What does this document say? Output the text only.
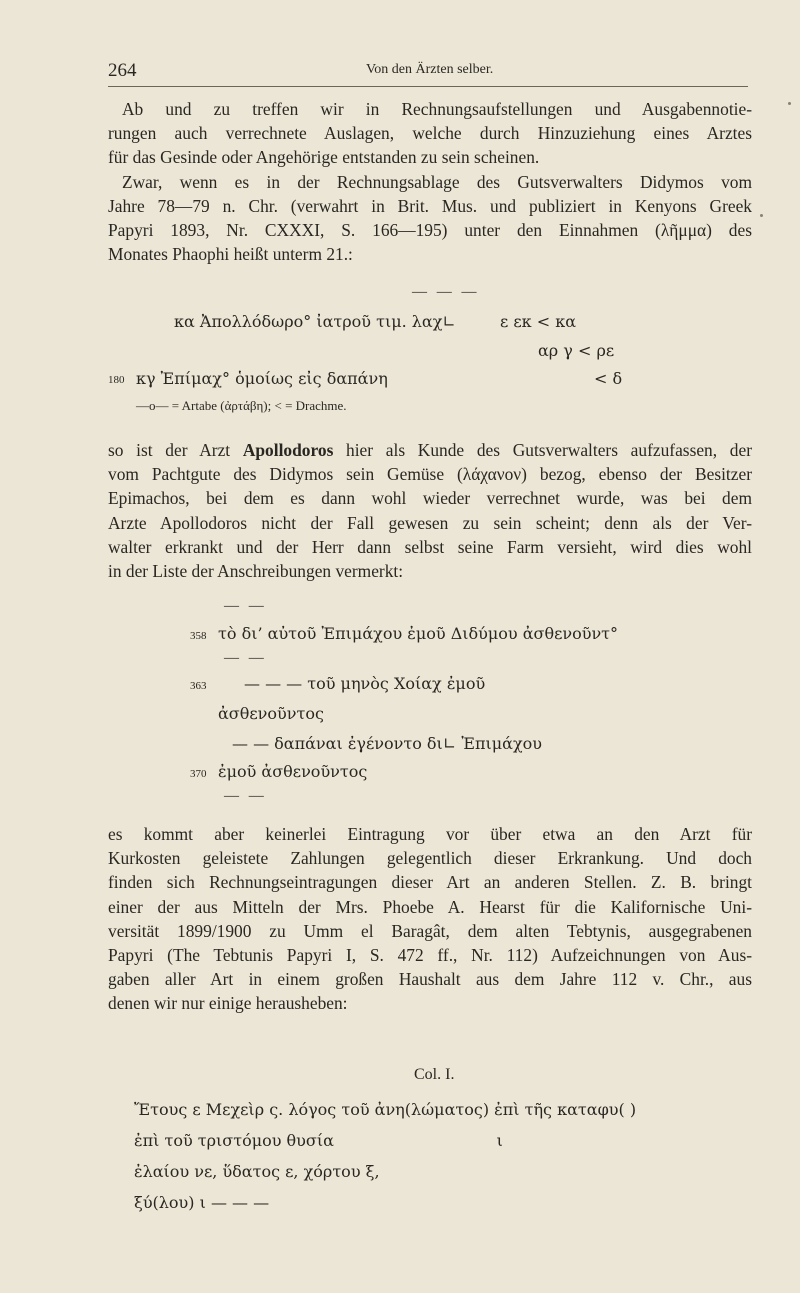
264	Von den Ärzten selber.
Ab und zu treffen wir in Rechnungsaufstellungen und Ausgabennotie-
rungen auch verrechnete Auslagen, welche durch Hinzuziehung eines Arztes
für das Gesinde oder Angehörige entstanden zu sein scheinen.
Zwar, wenn es in der Rechnungsablage des Gutsverwalters Didymos vom
Jahre 78—79 n. Chr. (verwahrt in Brit. Mus. und publiziert in Kenyons Greek
Papyri 1893, Nr. CXXXI, S. 166—195) unter den Einnahmen (λῆμμα) des
Monates Phaophi heißt unterm 21.:
— — —
κα Ἀπολλόδωρο° ἰατροῦ τιμ. λαχ∟	ε εκ < κα
αρ γ < ρε
180 κγ Ἐπίμαχ° ὁμοίως εἰς δαπάνη	< δ
—o— = Artabe (ἀρτάβη); < = Drachme.
so ist der Arzt Apollodoros hier als Kunde des Gutsverwalters aufzufassen, der
vom Pachtgute des Didymos sein Gemüse (λάχανον) bezog, ebenso der Besitzer
Epimachos, bei dem es dann wohl wieder verrechnet wurde, was bei dem
Arzte Apollodoros nicht der Fall gewesen zu sein scheint; denn als der Ver-
walter erkrankt und der Herr dann selbst seine Farm versieht, wird dies wohl
in der Liste der Anschreibungen vermerkt:
— —
358 τὸ δι’ αὐτοῦ Ἐπιμάχου ἐμοῦ Διδύμου ἀσθενοῦντ°
— —
363 — — — τοῦ μηνὸς Χοίαχ ἐμοῦ
ἀσθενοῦντος
— — δαπάναι ἐγένοντο δι∟ Ἐπιμάχου
370 ἐμοῦ ἀσθενοῦντος
— —
es kommt aber keinerlei Eintragung vor über etwa an den Arzt für
Kurkosten geleistete Zahlungen gelegentlich dieser Erkrankung. Und doch
finden sich Rechnungseintragungen dieser Art an anderen Stellen. Z. B. bringt
einer der aus Mitteln der Mrs. Phoebe A. Hearst für die Kalifornische Uni-
versität 1899/1900 zu Umm el Baragât, dem alten Tebtynis, ausgegrabenen
Papyri (The Tebtunis Papyri I, S. 472 ff., Nr. 112) Aufzeichnungen von Aus-
gaben aller Art in einem großen Haushalt aus dem Jahre 112 v. Chr., aus
denen wir nur einige herausheben:
Col. I.
Ἔτους ε Μεχεὶρ ς. λόγος τοῦ ἀνη(λώματος) ἐπὶ τῆς καταφυ( )
ἐπὶ τοῦ τριστόμου θυσία                                ι
ἐλαίου νε, ὕδατος ε, χόρτου ξ,
ξύ(λου) ι — — —
